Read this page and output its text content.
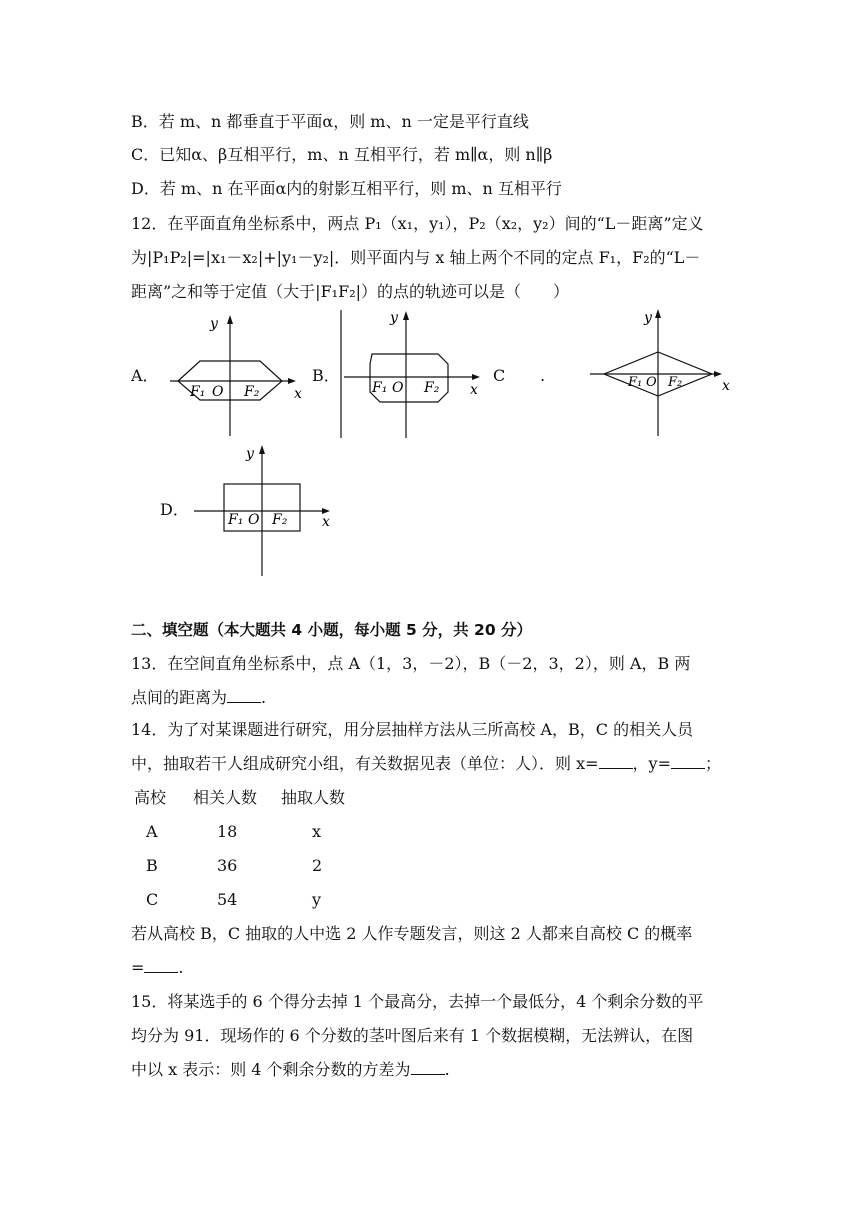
B．若 m、n 都垂直于平面α，则 m、n 一定是平行直线
C．已知α、β互相平行，m、n 互相平行，若 m∥α，则 n∥β
D．若 m、n 在平面α内的射影互相平行，则 m、n 互相平行
12．在平面直角坐标系中，两点 P₁（x₁，y₁），P₂（x₂，y₂）间的“L－距离”定义
为|P₁P₂|=|x₁－x₂|+|y₁－y₂|．则平面内与 x 轴上两个不同的定点 F₁，F₂的“L－
距离”之和等于定值（大于|F₁F₂|）的点的轨迹可以是（　　）
A．
y
x
F₁ O F₂
B．
y
x
F₁ O F₂
C .
y
x
F₁ O F₂
D．
y
x
F₁ O F₂
二、填空题（本大题共 4 小题，每小题 5 分，共 20 分）
13．在空间直角坐标系中，点 A（1，3，－2），B（－2，3，2），则 A，B 两
点间的距离为 .
14．为了对某课题进行研究，用分层抽样方法从三所高校 A，B，C 的相关人员
中，抽取若干人组成研究小组，有关数据见表（单位：人）．则 x= ，y= ；
高校 相关人数 抽取人数
A	18	x
B	36	2
C	54	y
若从高校 B，C 抽取的人中选 2 人作专题发言，则这 2 人都来自高校 C 的概率
= .
15．将某选手的 6 个得分去掉 1 个最高分，去掉一个最低分，4 个剩余分数的平
均分为 91．现场作的 6 个分数的茎叶图后来有 1 个数据模糊，无法辨认，在图
中以 x 表示：则 4 个剩余分数的方差为 .
